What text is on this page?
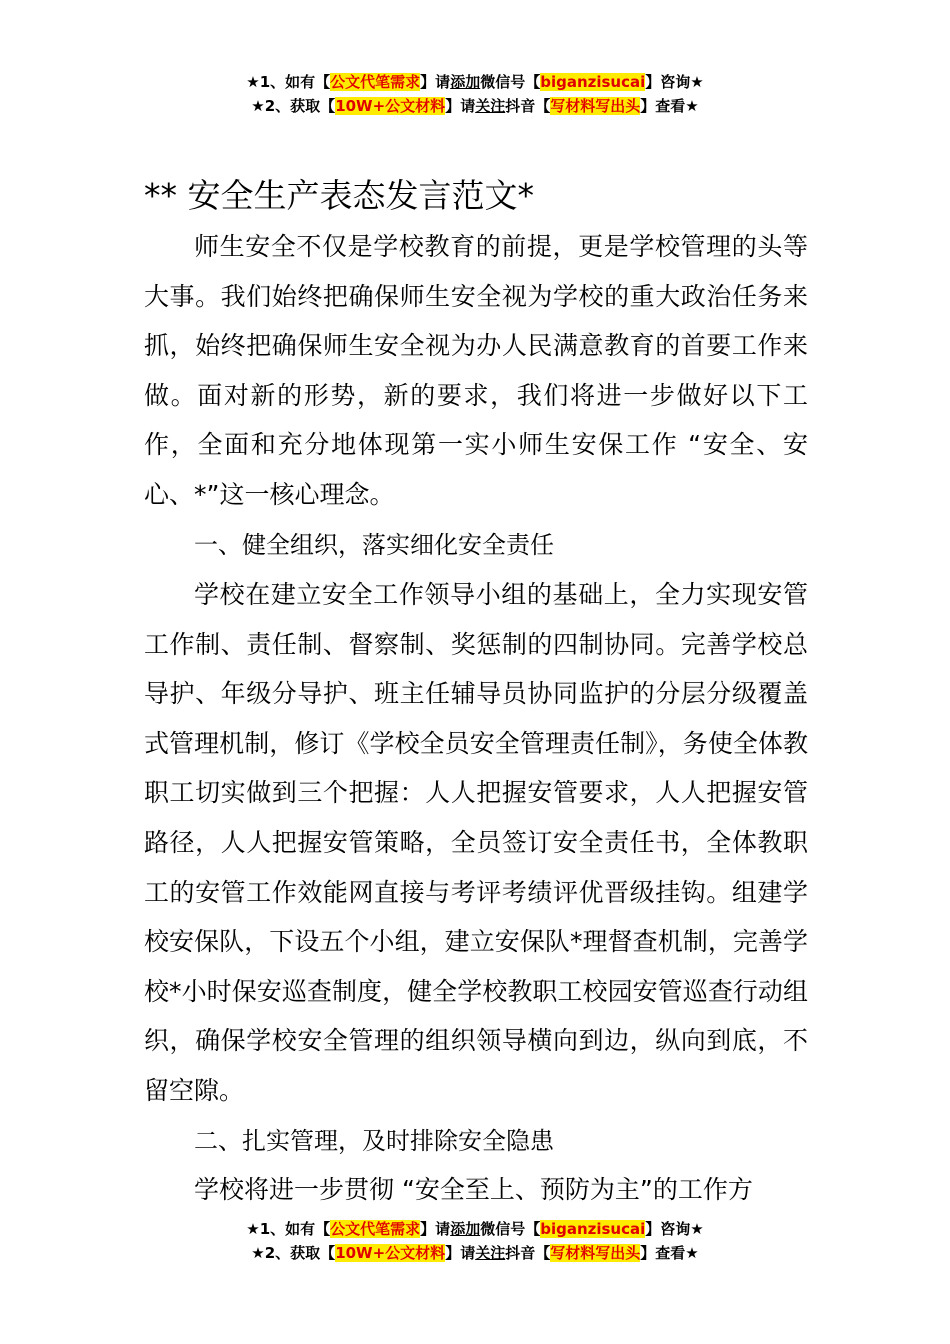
★1、如有【公文代笔需求】请添加微信号【biganzisucai】咨询★
★2、获取【10W+公文材料】请关注抖音【写材料写出头】查看★
** 安全生产表态发言范文*

师生安全不仅是学校教育的前提，更是学校管理的头等大事。我们始终把确保师生安全视为学校的重大政治任务来抓，始终把确保师生安全视为办人民满意教育的首要工作来做。面对新的形势，新的要求，我们将进一步做好以下工作，全面和充分地体现第一实小师生安保工作 “安全、安心、*”这一核心理念。

一、健全组织，落实细化安全责任

学校在建立安全工作领导小组的基础上，全力实现安管工作制、责任制、督察制、奖惩制的四制协同。完善学校总导护、年级分导护、班主任辅导员协同监护的分层分级覆盖式管理机制，修订《学校全员安全管理责任制》，务使全体教职工切实做到三个把握：人人把握安管要求，人人把握安管路径，人人把握安管策略，全员签订安全责任书，全体教职工的安管工作效能网直接与考评考绩评优晋级挂钩。组建学校安保队，下设五个小组，建立安保队*理督查机制，完善学校*小时保安巡查制度，健全学校教职工校园安管巡查行动组织，确保学校安全管理的组织领导横向到边，纵向到底，不留空隙。

二、扎实管理，及时排除安全隐患

学校将进一步贯彻 “安全至上、预防为主”的工作方

★1、如有【公文代笔需求】请添加微信号【biganzisucai】咨询★
★2、获取【10W+公文材料】请关注抖音【写材料写出头】查看★
